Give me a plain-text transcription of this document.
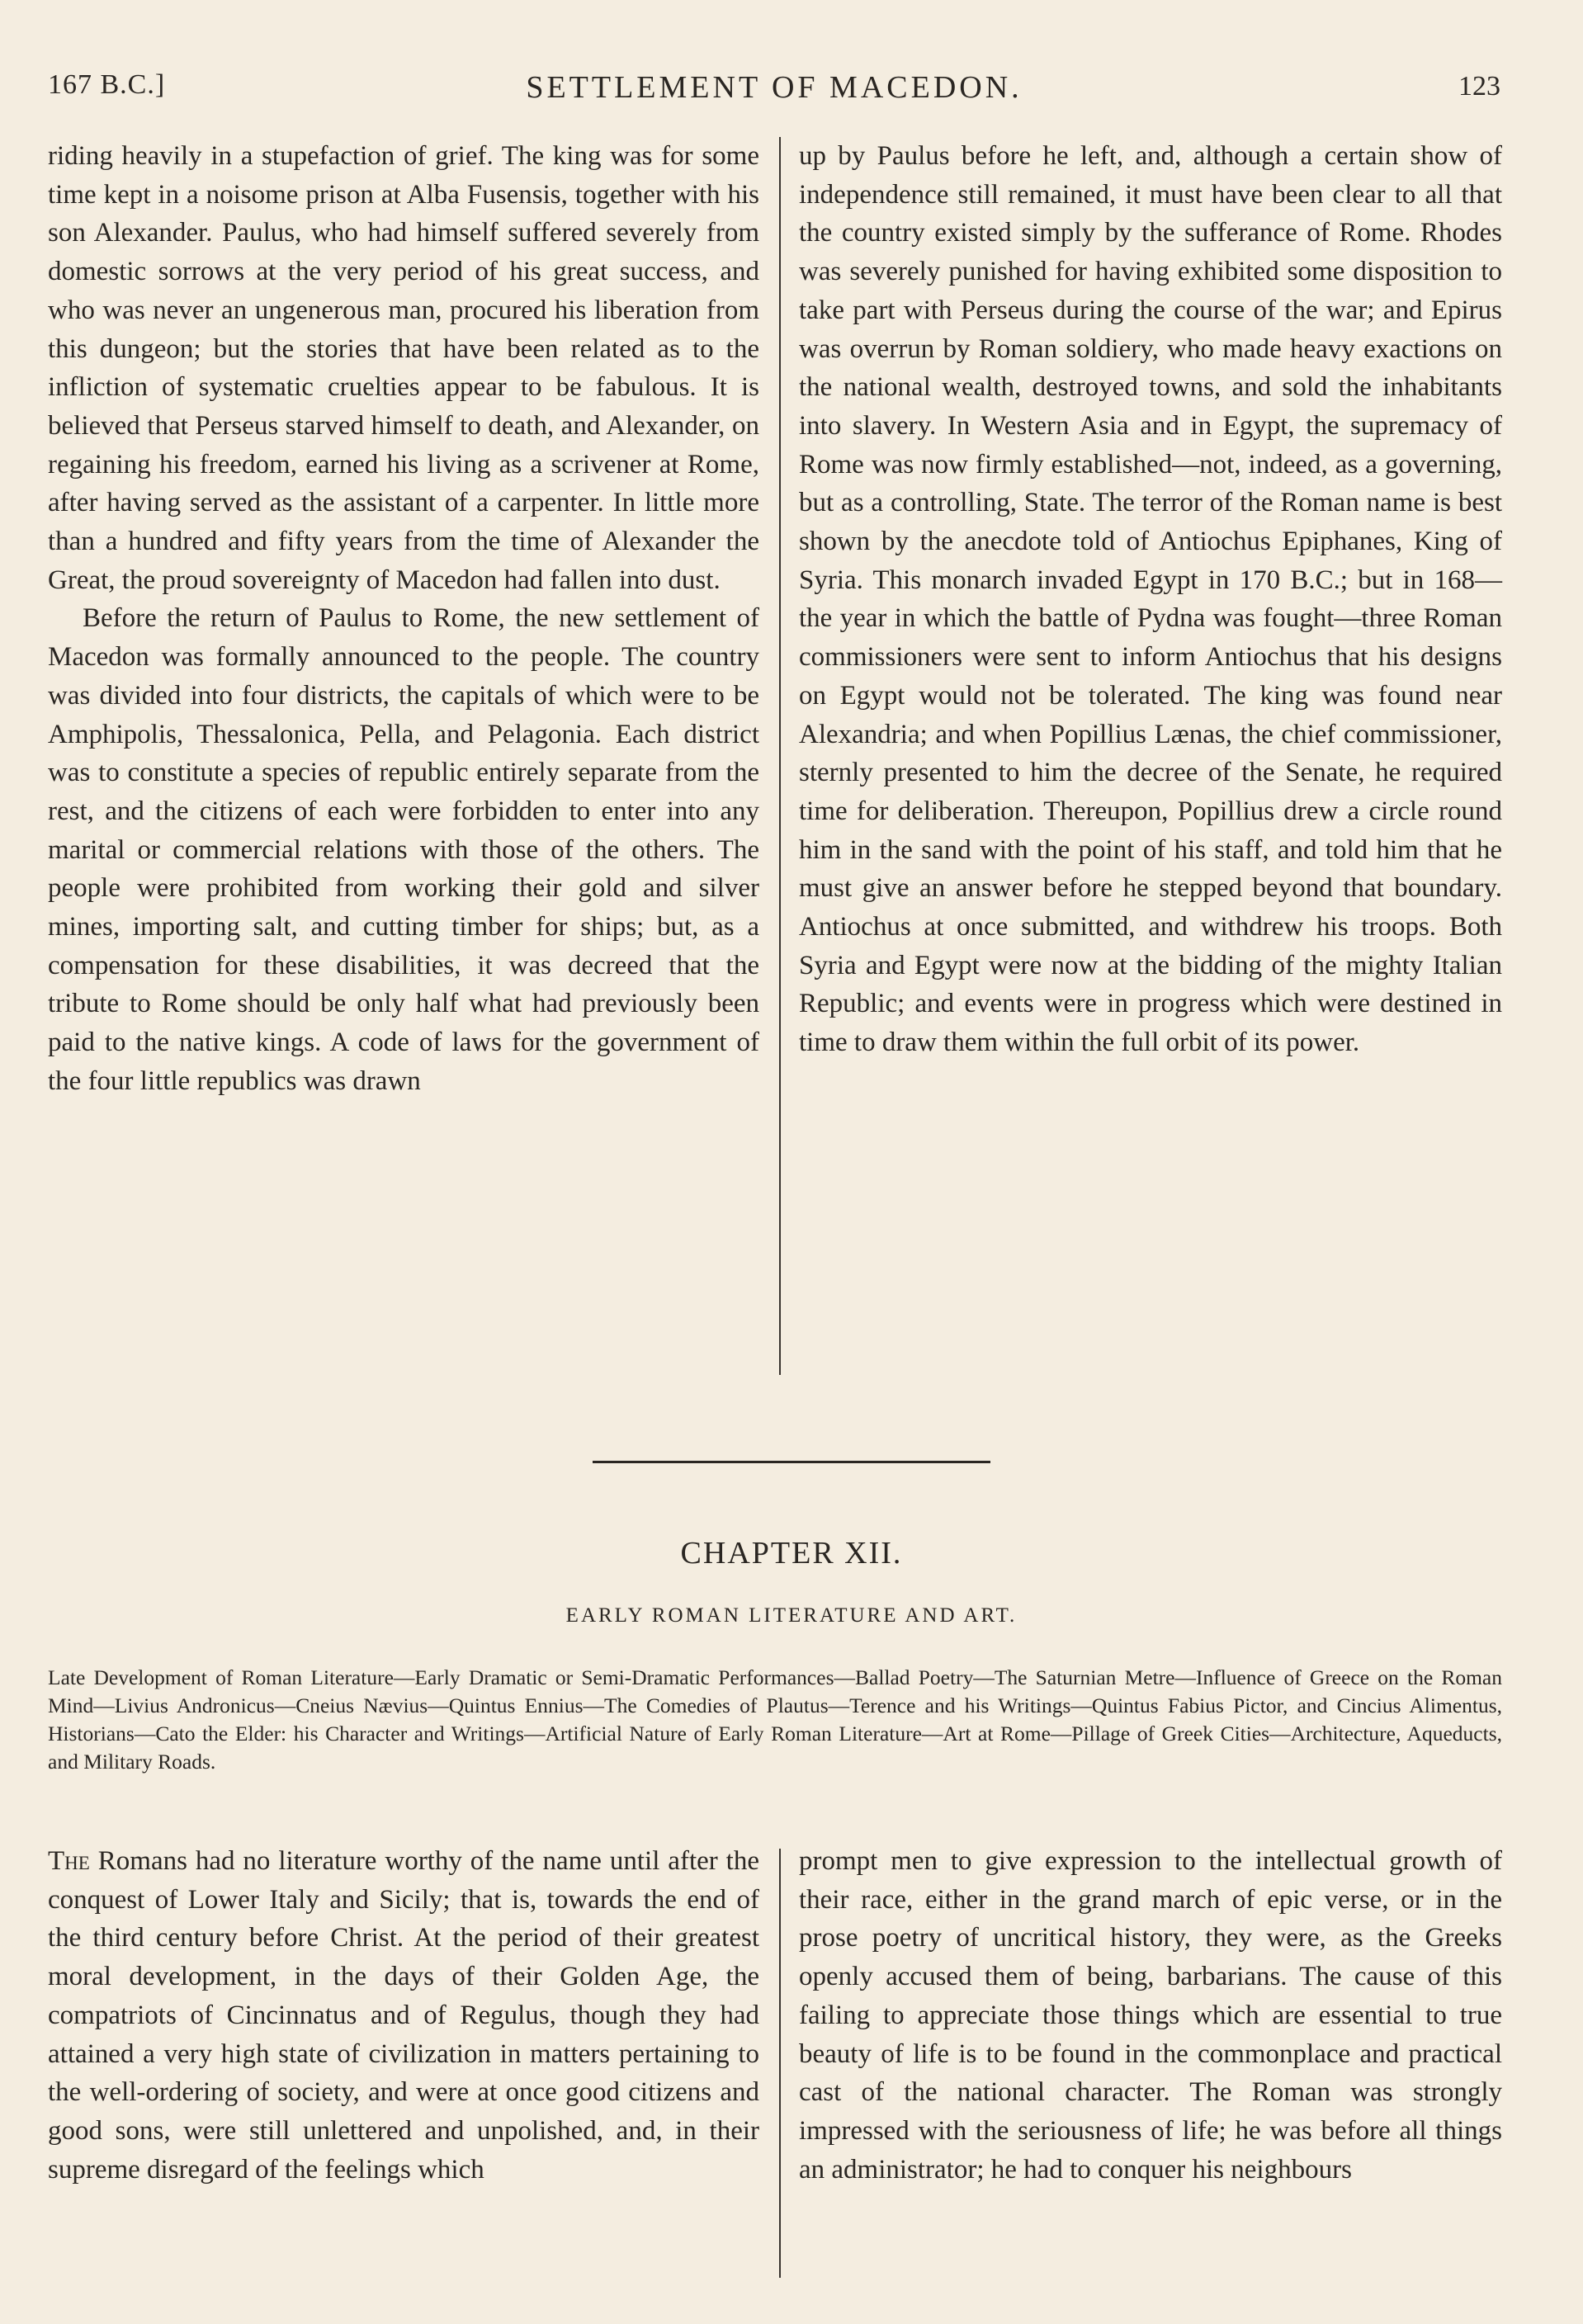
167 B.C.]	SETTLEMENT OF MACEDON.	123

riding heavily in a stupefaction of grief. The king was for some time kept in a noisome prison at Alba Fusensis, together with his son Alexander. Paulus, who had himself suffered severely from domestic sorrows at the very period of his great success, and who was never an ungenerous man, procured his liberation from this dungeon; but the stories that have been related as to the infliction of systematic cruelties appear to be fabulous. It is believed that Perseus starved himself to death, and Alexander, on regaining his freedom, earned his living as a scrivener at Rome, after having served as the assistant of a carpenter. In little more than a hundred and fifty years from the time of Alexander the Great, the proud sovereignty of Macedon had fallen into dust.

Before the return of Paulus to Rome, the new settlement of Macedon was formally announced to the people. The country was divided into four districts, the capitals of which were to be Amphipolis, Thessalonica, Pella, and Pelagonia. Each district was to constitute a species of republic entirely separate from the rest, and the citizens of each were forbidden to enter into any marital or commercial relations with those of the others. The people were prohibited from working their gold and silver mines, importing salt, and cutting timber for ships; but, as a compensation for these disabilities, it was decreed that the tribute to Rome should be only half what had previously been paid to the native kings. A code of laws for the government of the four little republics was drawn

up by Paulus before he left, and, although a certain show of independence still remained, it must have been clear to all that the country existed simply by the sufferance of Rome. Rhodes was severely punished for having exhibited some disposition to take part with Perseus during the course of the war; and Epirus was overrun by Roman soldiery, who made heavy exactions on the national wealth, destroyed towns, and sold the inhabitants into slavery. In Western Asia and in Egypt, the supremacy of Rome was now firmly established—not, indeed, as a governing, but as a controlling, State. The terror of the Roman name is best shown by the anecdote told of Antiochus Epiphanes, King of Syria. This monarch invaded Egypt in 170 B.C.; but in 168—the year in which the battle of Pydna was fought—three Roman commissioners were sent to inform Antiochus that his designs on Egypt would not be tolerated. The king was found near Alexandria; and when Popillius Lænas, the chief commissioner, sternly presented to him the decree of the Senate, he required time for deliberation. Thereupon, Popillius drew a circle round him in the sand with the point of his staff, and told him that he must give an answer before he stepped beyond that boundary. Antiochus at once submitted, and withdrew his troops. Both Syria and Egypt were now at the bidding of the mighty Italian Republic; and events were in progress which were destined in time to draw them within the full orbit of its power.

CHAPTER XII.
EARLY ROMAN LITERATURE AND ART.
Late Development of Roman Literature—Early Dramatic or Semi-Dramatic Performances—Ballad Poetry—The Saturnian Metre—Influence of Greece on the Roman Mind—Livius Andronicus—Cneius Nævius—Quintus Ennius—The Comedies of Plautus—Terence and his Writings—Quintus Fabius Pictor, and Cincius Alimentus, Historians—Cato the Elder: his Character and Writings—Artificial Nature of Early Roman Literature—Art at Rome—Pillage of Greek Cities—Architecture, Aqueducts, and Military Roads.

The Romans had no literature worthy of the name until after the conquest of Lower Italy and Sicily; that is, towards the end of the third century before Christ. At the period of their greatest moral development, in the days of their Golden Age, the compatriots of Cincinnatus and of Regulus, though they had attained a very high state of civilization in matters pertaining to the well-ordering of society, and were at once good citizens and good sons, were still unlettered and unpolished, and, in their supreme disregard of the feelings which

prompt men to give expression to the intellectual growth of their race, either in the grand march of epic verse, or in the prose poetry of uncritical history, they were, as the Greeks openly accused them of being, barbarians. The cause of this failing to appreciate those things which are essential to true beauty of life is to be found in the commonplace and practical cast of the national character. The Roman was strongly impressed with the seriousness of life; he was before all things an administrator; he had to conquer his neighbours
